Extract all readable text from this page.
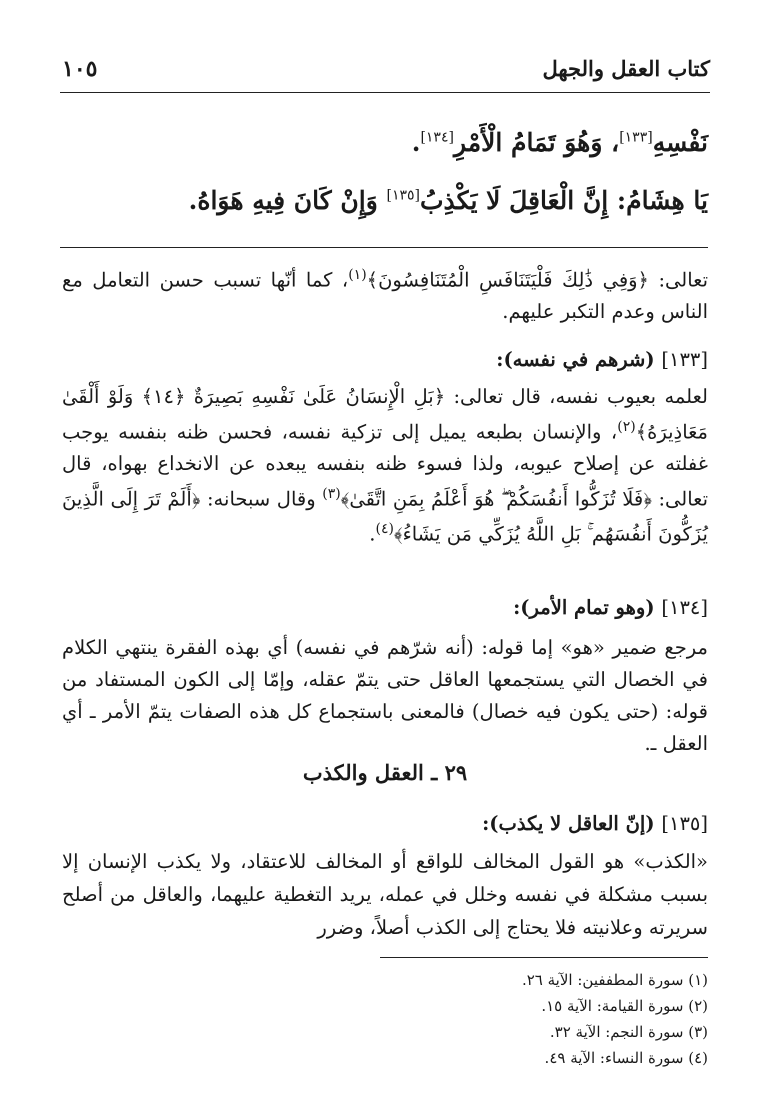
كتاب العقل والجهل
١٠٥
نَفْسِهِ[١٣٣]، وَهُوَ تَمَامُ الْأَمْرِ[١٣٤].
يَا هِشَامُ: إِنَّ الْعَاقِلَ لَا يَكْذِبُ[١٣٥] وَإِنْ كَانَ فِيهِ هَوَاهُ.
تعالى: ﴿وَفِي ذَٰلِكَ فَلْيَتَنَافَسِ الْمُتَنَافِسُونَ﴾$^{(١)}$، كما أنّها تسبب حسن التعامل مع الناس وعدم التكبر عليهم.
[١٣٣] (شرهم في نفسه):
لعلمه بعيوب نفسه، قال تعالى: ﴿بَلِ الْإِنسَانُ عَلَىٰ نَفْسِهِ بَصِيرَةٌ ﴿١٤﴾ وَلَوْ أَلْقَىٰ مَعَاذِيرَهُ﴾$^{(٢)}$، والإنسان بطبعه يميل إلى تزكية نفسه، فحسن ظنه بنفسه يوجب غفلته عن إصلاح عيوبه، ولذا فسوء ظنه بنفسه يبعده عن الانخداع بهواه، قال تعالى: ﴿فَلَا تُزَكُّوا أَنفُسَكُمْ ۖ هُوَ أَعْلَمُ بِمَنِ اتَّقَىٰ﴾$^{(٣)}$ وقال سبحانه: ﴿أَلَمْ تَرَ إِلَى الَّذِينَ يُزَكُّونَ أَنفُسَهُم ۚ بَلِ اللَّهُ يُزَكِّي مَن يَشَاءُ﴾$^{(٤)}$.
[١٣٤] (وهو تمام الأمر):
مرجع ضمير «هو» إما قوله: (أنه شرّهم في نفسه) أي بهذه الفقرة ينتهي الكلام في الخصال التي يستجمعها العاقل حتى يتمّ عقله، وإمّا إلى الكون المستفاد من قوله: (حتى يكون فيه خصال) فالمعنى باستجماع كل هذه الصفات يتمّ الأمر ـ أي العقل ـ.
٢٩ ـ العقل والكذب
[١٣٥] (إنّ العاقل لا يكذب):
«الكذب» هو القول المخالف للواقع أو المخالف للاعتقاد، ولا يكذب الإنسان إلا بسبب مشكلة في نفسه وخلل في عمله، يريد التغطية عليهما، والعاقل من أصلح سريرته وعلانيته فلا يحتاج إلى الكذب أصلاً، وضرر
(١) سورة المطففين: الآية ٢٦.
(٢) سورة القيامة: الآية ١٥.
(٣) سورة النجم: الآية ٣٢.
(٤) سورة النساء: الآية ٤٩.
